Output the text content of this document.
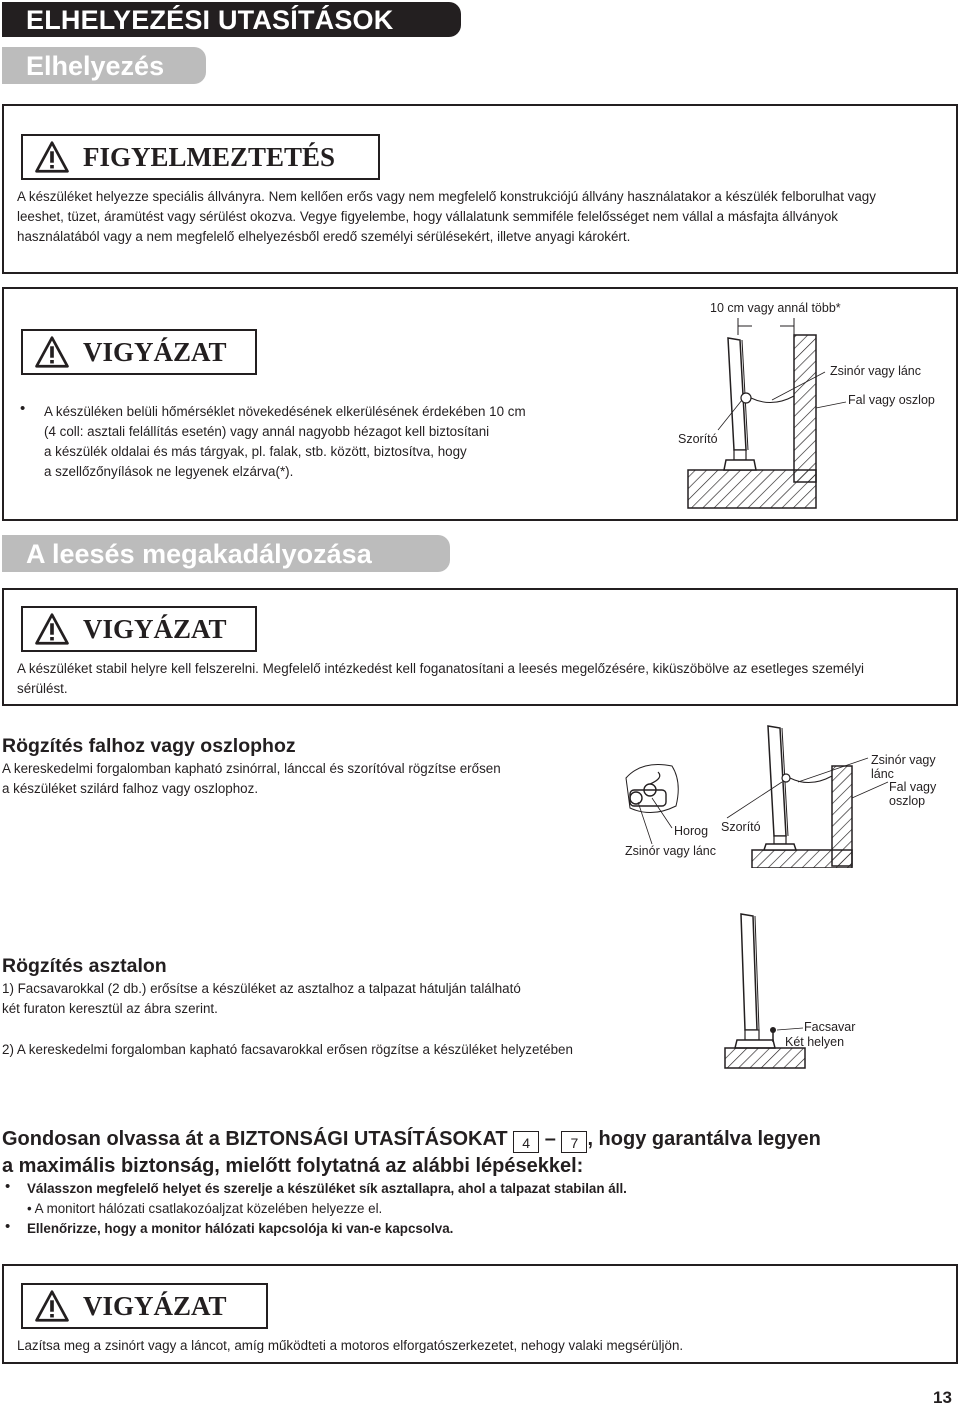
ELHELYEZÉSI UTASÍTÁSOK
Elhelyezés
FIGYELMEZTETÉS
A készüléket helyezze speciális állványra. Nem kellően erős vagy nem megfelelő konstrukciójú állvány használatakor a készülék felborulhat vagy
leeshet, tüzet, áramütést vagy sérülést okozva. Vegye figyelembe, hogy vállalatunk semmiféle felelősséget nem vállal a másfajta állványok
használatából vagy a nem megfelelő elhelyezésből eredő személyi sérülésekért, illetve anyagi károkért.
VIGYÁZAT
• A készüléken belüli hőmérséklet növekedésének elkerülésének érdekében 10 cm
(4 coll: asztali felállítás esetén) vagy annál nagyobb hézagot kell biztosítani
a készülék oldalai és más tárgyak, pl. falak, stb. között, biztosítva, hogy
a szellőzőnyílások ne legyenek elzárva(*).
10 cm vagy annál több*
Zsinór vagy lánc
Fal vagy oszlop
Szorító
A leesés megakadályozása
VIGYÁZAT
A készüléket stabil helyre kell felszerelni. Megfelelő intézkedést kell foganatosítani a leesés megelőzésére, kiküszöbölve az esetleges személyi
sérülést.
Rögzítés falhoz vagy oszlophoz
A kereskedelmi forgalomban kapható zsinórral, lánccal és szorítóval rögzítse erősen
a készüléket szilárd falhoz vagy oszlophoz.
Zsinór vagy
lánc
Fal vagy
oszlop
Horog Szorító
Zsinór vagy lánc
Rögzítés asztalon
1) Facsavarokkal (2 db.) erősítse a készüléket az asztalhoz a talpazat hátulján található
két furaton keresztül az ábra szerint.
2) A kereskedelmi forgalomban kapható facsavarokkal erősen rögzítse a készüléket helyzetében
Facsavar
Két helyen
Gondosan olvassa át a BIZTONSÁGI UTASÍTÁSOKAT 4 – 7 , hogy garantálva legyen
a maximális biztonság, mielőtt folytatná az alábbi lépésekkel:
• Válasszon megfelelő helyet és szerelje a készüléket sík asztallapra, ahol a talpazat stabilan áll.
• A monitort hálózati csatlakozóaljzat közelében helyezze el.
• Ellenőrizze, hogy a monitor hálózati kapcsolója ki van-e kapcsolva.
VIGYÁZAT
Lazítsa meg a zsinórt vagy a láncot, amíg működteti a motoros elforgatószerkezetet, nehogy valaki megsérüljön.
13
